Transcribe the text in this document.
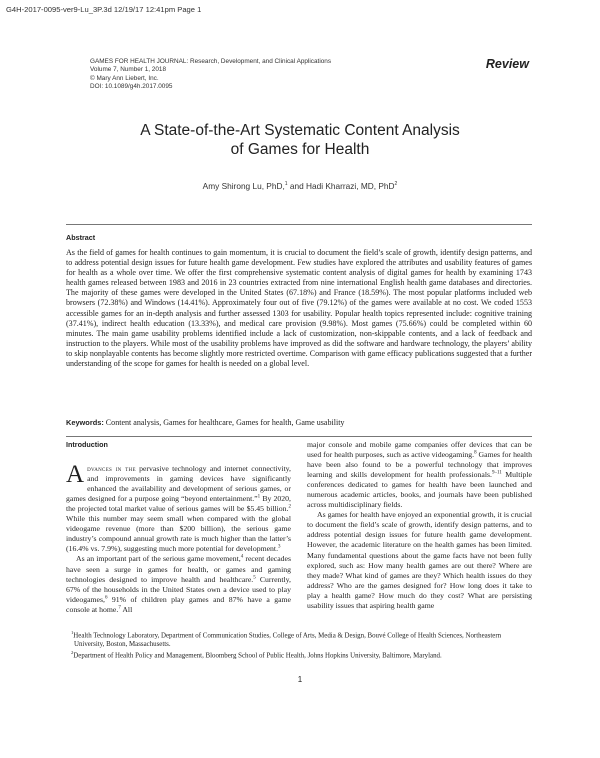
G4H-2017-0095-ver9-Lu_3P.3d 12/19/17 12:41pm Page 1
GAMES FOR HEALTH JOURNAL: Research, Development, and Clinical Applications
Volume 7, Number 1, 2018
© Mary Ann Liebert, Inc.
DOI: 10.1089/g4h.2017.0095
Review
A State-of-the-Art Systematic Content Analysis
of Games for Health
Amy Shirong Lu, PhD,$^1$ and Hadi Kharrazi, MD, PhD$^2$
Abstract
As the field of games for health continues to gain momentum, it is crucial to document the field’s scale of growth, identify design patterns, and to address potential design issues for future health game development. Few studies have explored the attributes and usability features of games for health as a whole over time. We offer the first comprehensive systematic content analysis of digital games for health by examining 1743 health games released between 1983 and 2016 in 23 countries extracted from nine international English health game databases and directories. The majority of these games were developed in the United States (67.18%) and France (18.59%). The most popular platforms included web browsers (72.38%) and Windows (14.41%). Approximately four out of five (79.12%) of the games were available at no cost. We coded 1553 accessible games for an in-depth analysis and further assessed 1303 for usability. Popular health topics represented include: cognitive training (37.41%), indirect health education (13.33%), and medical care provision (9.98%). Most games (75.66%) could be completed within 60 minutes. The main game usability problems identified include a lack of customization, non-skippable contents, and a lack of feedback and instruction to the players. While most of the usability problems have improved as did the software and hardware technology, the players’ ability to skip nonplayable contents has become slightly more restricted overtime. Comparison with game efficacy publications suggested that a further understanding of the scope for games for health is needed on a global level.
Keywords: Content analysis, Games for healthcare, Games for health, Game usability

Introduction

Advances in the pervasive technology and internet connectivity, and improvements in gaming devices have significantly enhanced the availability and development of serious games, or games designed for a purpose going “beyond entertainment.”$^1$ By 2020, the projected total market value of serious games will be $5.45 billion.$^2$ While this number may seem small when compared with the global videogame revenue (more than $200 billion), the serious game industry’s compound annual growth rate is much higher than the latter’s (16.4% vs. 7.9%), suggesting much more potential for development.$^3$

As an important part of the serious game movement,$^4$ recent decades have seen a surge in games for health, or games and gaming technologies designed to improve health and healthcare.$^5$ Currently, 67% of the households in the United States own a device used to play videogames,$^6$ 91% of children play games and 87% have a game console at home.$^7$ All

major console and mobile game companies offer devices that can be used for health purposes, such as active videogaming.$^8$ Games for health have been also found to be a powerful technology that improves learning and skills development for health professionals.$^{9-11}$ Multiple conferences dedicated to games for health have been launched and numerous academic articles, books, and journals have been published across multidisciplinary fields.

As games for health have enjoyed an exponential growth, it is crucial to document the field’s scale of growth, identify design patterns, and to address potential design issues for future health game development. However, the academic literature on the health games has been limited. Many fundamental questions about the game facts have not been fully explored, such as: How many health games are out there? Where are they made? What kind of games are they? Which health issues do they address? Who are the games designed for? How long does it take to play a health game? How much do they cost? What are persisting usability issues that aspiring health game

$^1$Health Technology Laboratory, Department of Communication Studies, College of Arts, Media & Design, Bouvé College of Health Sciences, Northeastern University, Boston, Massachusetts.

$^2$Department of Health Policy and Management, Bloomberg School of Public Health, Johns Hopkins University, Baltimore, Maryland.

1
